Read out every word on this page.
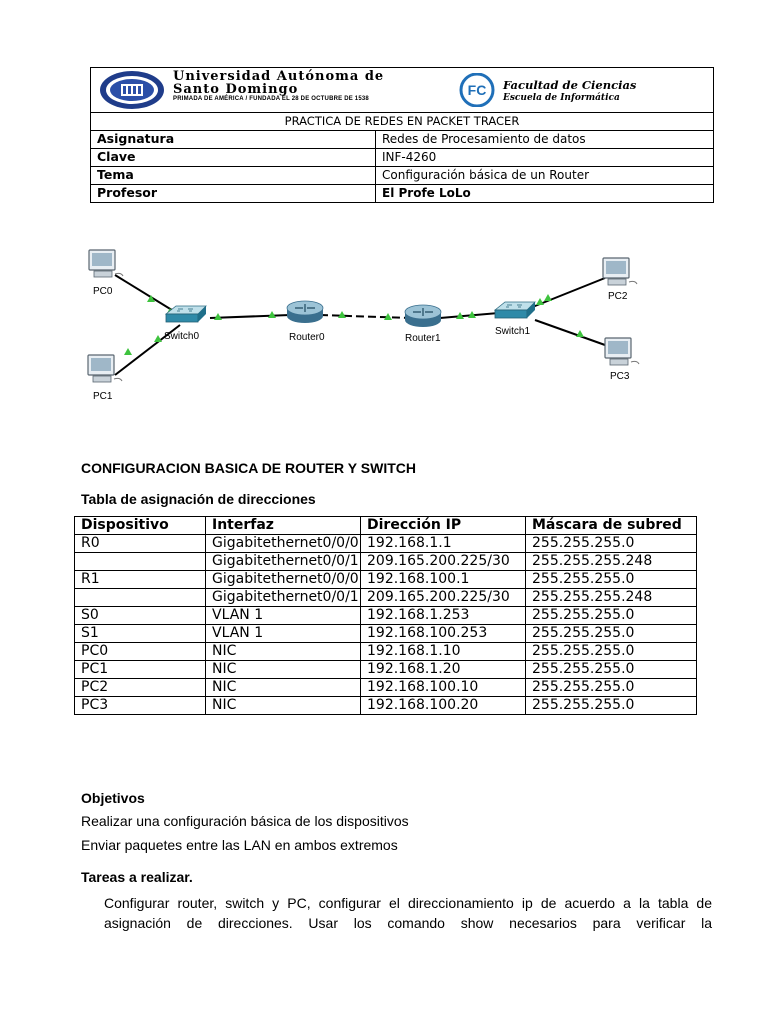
Universidad Autónoma de
Santo Domingo
PRIMADA DE AMÉRICA / FUNDADA EL 28 DE OCTUBRE DE 1538
FC Facultad de Ciencias
Escuela de Informática
PRACTICA DE REDES EN PACKET TRACER
Asignatura	Redes de Procesamiento de datos
Clave	INF-4260
Tema	Configuración básica de un Router
Profesor	El Profe LoLo
PC0
PC1
Switch0	Router0	Router1
Switch1
PC2
PC3
CONFIGURACION BASICA DE ROUTER Y SWITCH
Tabla de asignación de direcciones
Dispositivo	Interfaz	Dirección IP	Máscara de subred
R0	Gigabitethernet0/0/0	192.168.1.1	255.255.255.0
	Gigabitethernet0/0/1	209.165.200.225/30	255.255.255.248
R1	Gigabitethernet0/0/0	192.168.100.1	255.255.255.0
	Gigabitethernet0/0/1	209.165.200.225/30	255.255.255.248
S0	VLAN 1	192.168.1.253	255.255.255.0
S1	VLAN 1	192.168.100.253	255.255.255.0
PC0	NIC	192.168.1.10	255.255.255.0
PC1	NIC	192.168.1.20	255.255.255.0
PC2	NIC	192.168.100.10	255.255.255.0
PC3	NIC	192.168.100.20	255.255.255.0
Objetivos
Realizar una configuración básica de los dispositivos
Enviar paquetes entre las LAN en ambos extremos
Tareas a realizar.
Configurar router, switch y PC, configurar el direccionamiento ip de acuerdo a la tabla de asignación de direcciones. Usar los comando show necesarios para verificar la
